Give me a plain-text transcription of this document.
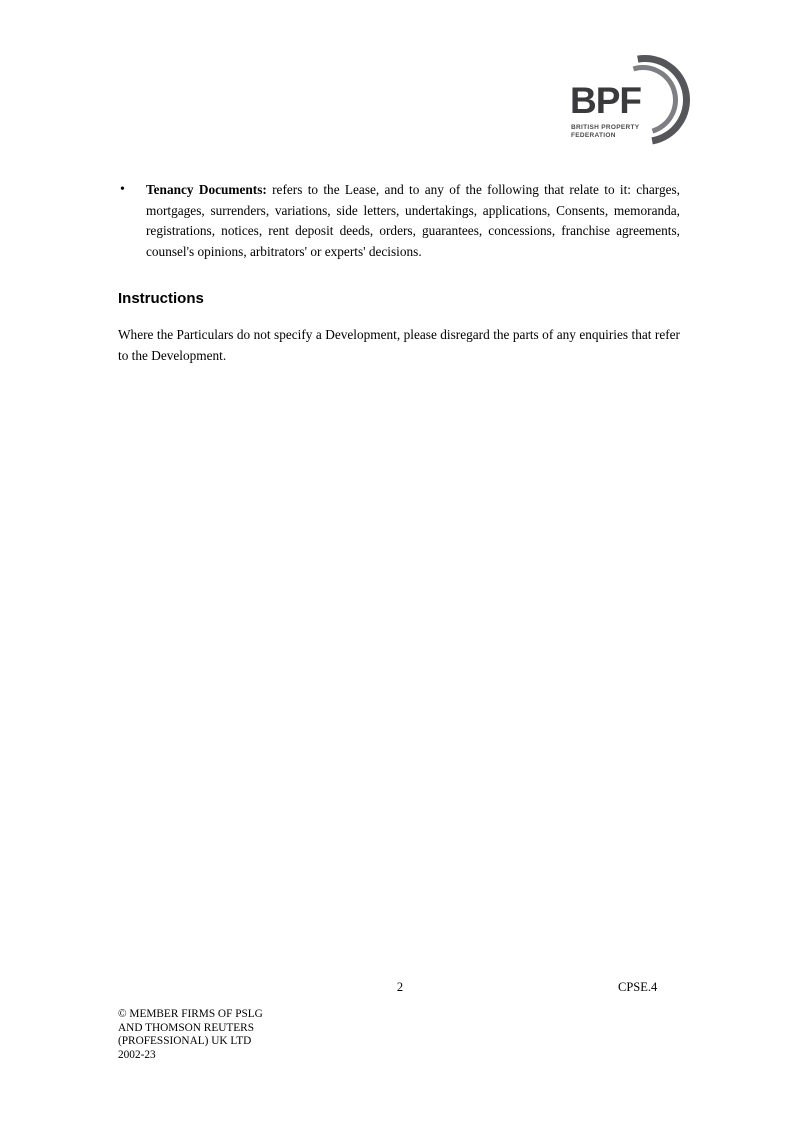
BPF
BRITISH PROPERTY FEDERATION
• Tenancy Documents: refers to the Lease, and to any of the following that relate to it: charges, mortgages, surrenders, variations, side letters, undertakings, applications, Consents, memoranda, registrations, notices, rent deposit deeds, orders, guarantees, concessions, franchise agreements, counsel's opinions, arbitrators' or experts' decisions.
Instructions

Where the Particulars do not specify a Development, please disregard the parts of any enquiries that refer to the Development.

2	CPSE.4
© MEMBER FIRMS OF PSLG
AND THOMSON REUTERS
(PROFESSIONAL) UK LTD
2002-23
